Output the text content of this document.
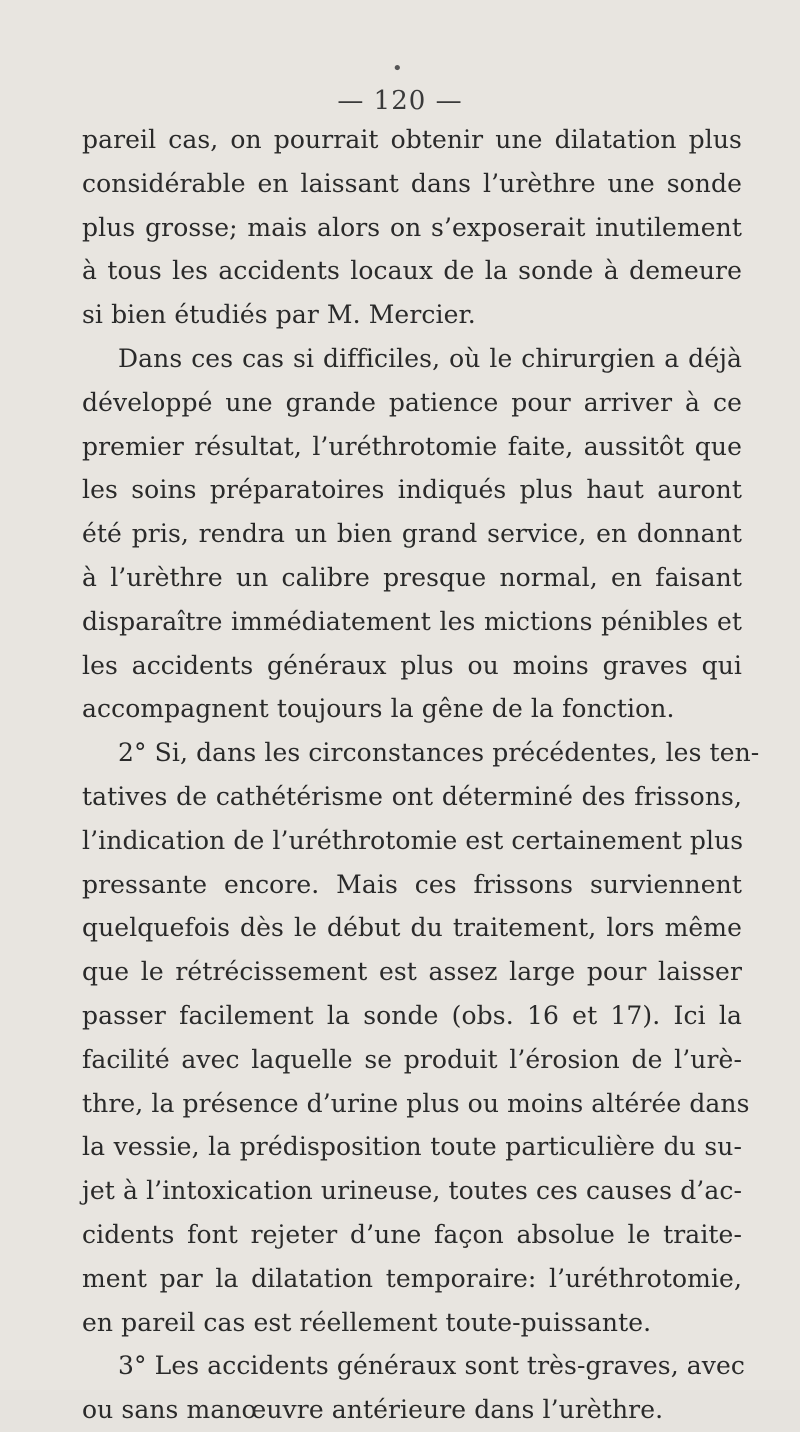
•
— 120 —
pareil cas, on pourrait obtenir une dilatation plus
considérable en laissant dans l’urèthre une sonde
plus grosse; mais alors on s’exposerait inutilement
à tous les accidents locaux de la sonde à demeure
si bien étudiés par M. Mercier.
Dans ces cas si difficiles, où le chirurgien a déjà
développé une grande patience pour arriver à ce
premier résultat, l’uréthrotomie faite, aussitôt que
les soins préparatoires indiqués plus haut auront
été pris, rendra un bien grand service, en donnant
à l’urèthre un calibre presque normal, en faisant
disparaître immédiatement les mictions pénibles et
les accidents généraux plus ou moins graves qui
accompagnent toujours la gêne de la fonction.
2° Si, dans les circonstances précédentes, les ten-
tatives de cathétérisme ont déterminé des frissons,
l’indication de l’uréthrotomie est certainement plus
pressante encore. Mais ces frissons surviennent
quelquefois dès le début du traitement, lors même
que le rétrécissement est assez large pour laisser
passer facilement la sonde (obs. 16 et 17). Ici la
facilité avec laquelle se produit l’érosion de l’urè-
thre, la présence d’urine plus ou moins altérée dans
la vessie, la prédisposition toute particulière du su-
jet à l’intoxication urineuse, toutes ces causes d’ac-
cidents font rejeter d’une façon absolue le traite-
ment par la dilatation temporaire: l’uréthrotomie,
en pareil cas est réellement toute-puissante.
3° Les accidents généraux sont très-graves, avec
ou sans manœuvre antérieure dans l’urèthre.
